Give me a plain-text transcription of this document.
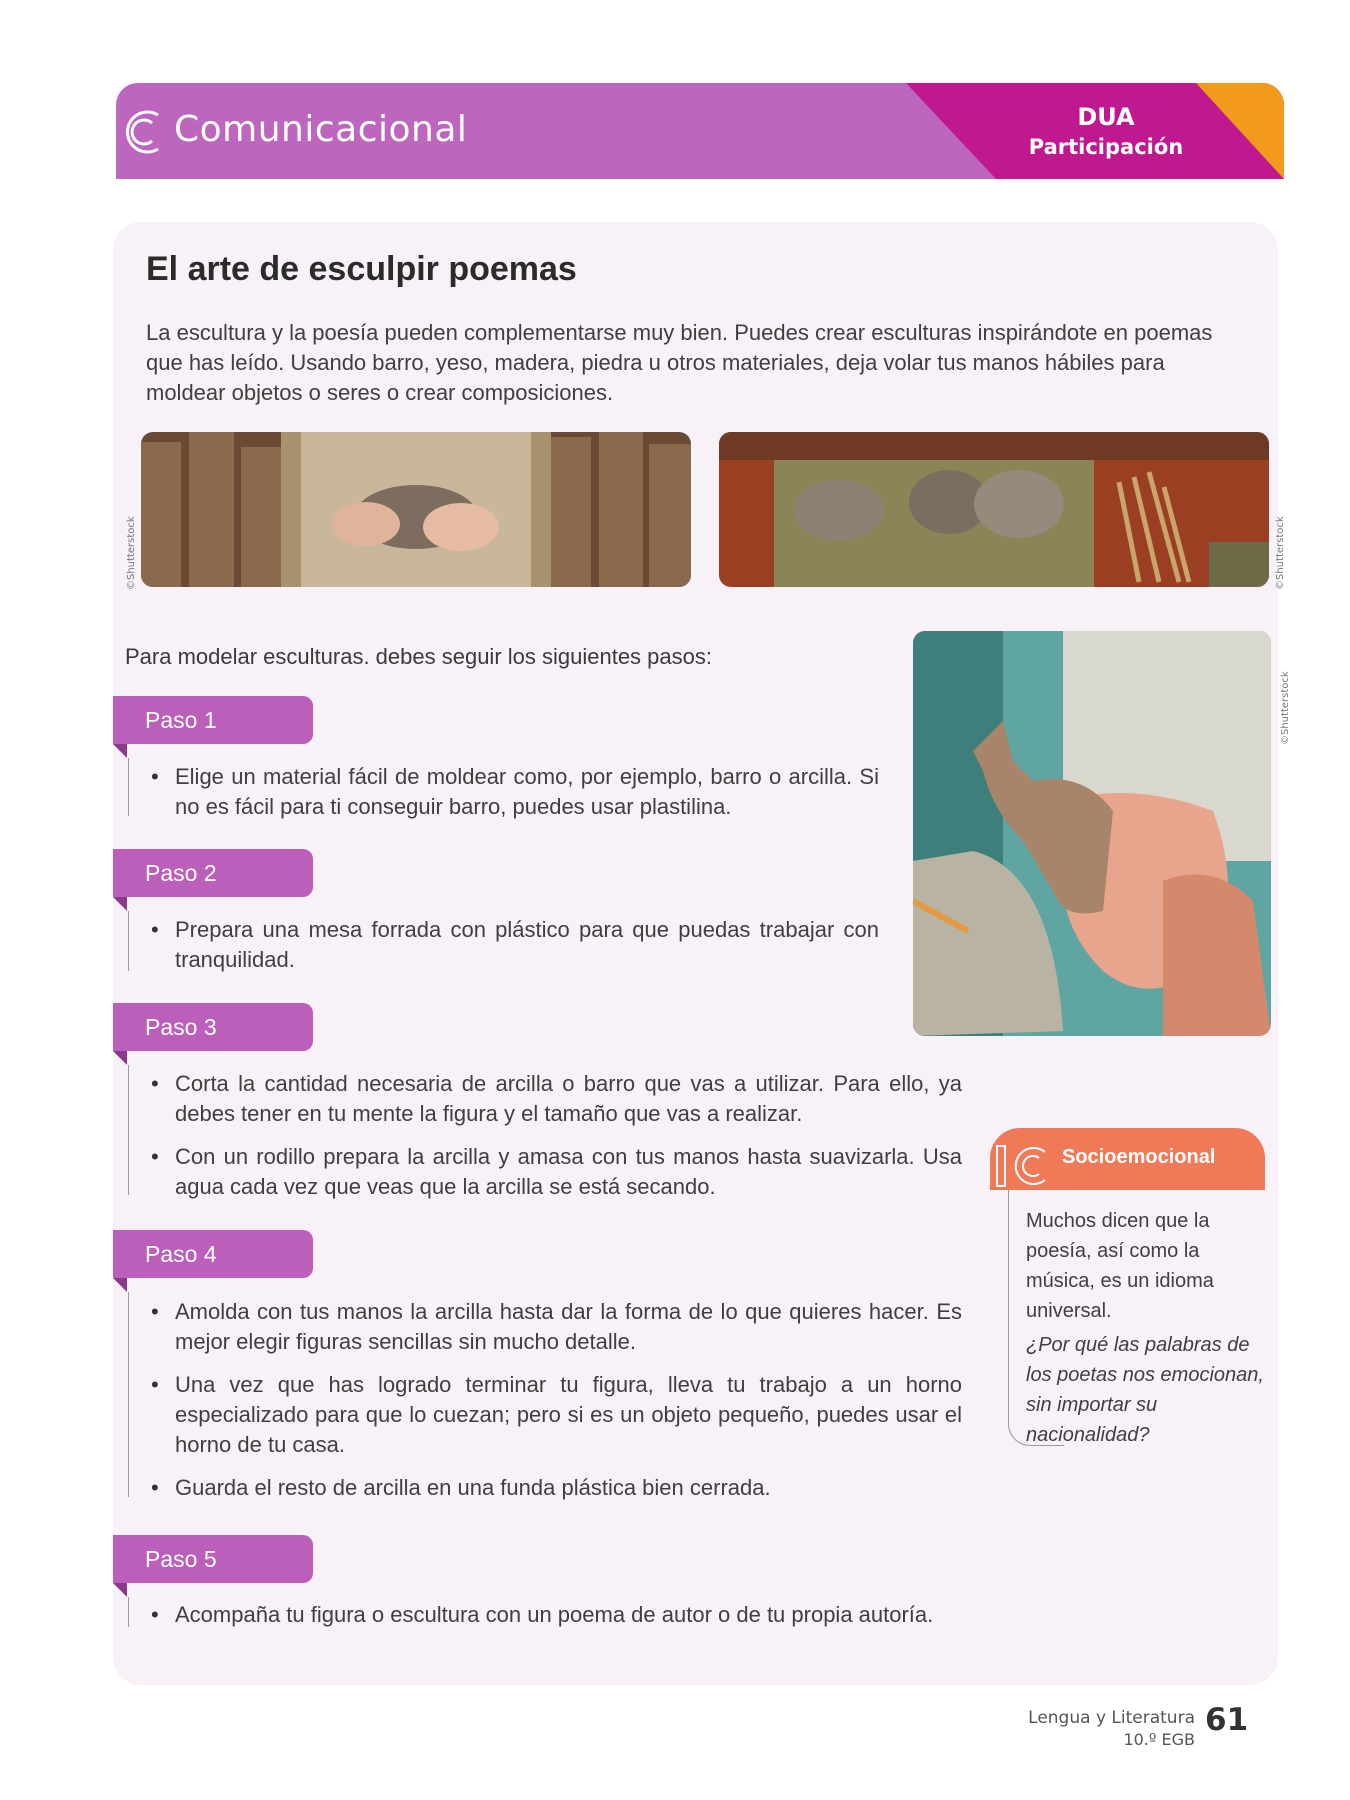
Comunicacional	DUA
Participación
El arte de esculpir poemas
La escultura y la poesía pueden complementarse muy bien. Puedes crear esculturas inspirándote en poemas que has leído. Usando barro, yeso, madera, piedra u otros materiales, deja volar tus manos hábiles para moldear objetos o seres o crear composiciones.
©Shutterstock	©Shutterstock
Para modelar esculturas. debes seguir los siguientes pasos:
©Shutterstock
Paso 1
• Elige un material fácil de moldear como, por ejemplo, barro o arcilla. Si no es fácil para ti conseguir barro, puedes usar plastilina.
Paso 2
• Prepara una mesa forrada con plástico para que puedas trabajar con tranquilidad.
Paso 3
• Corta la cantidad necesaria de arcilla o barro que vas a utilizar. Para ello, ya debes tener en tu mente la figura y el tamaño que vas a realizar.
• Con un rodillo prepara la arcilla y amasa con tus manos hasta suavizarla. Usa agua cada vez que veas que la arcilla se está secando.
Paso 4
• Amolda con tus manos la arcilla hasta dar la forma de lo que quieres hacer. Es mejor elegir figuras sencillas sin mucho detalle.
• Una vez que has logrado terminar tu figura, lleva tu trabajo a un horno especializado para que lo cuezan; pero si es un objeto pequeño, puedes usar el horno de tu casa.
• Guarda el resto de arcilla en una funda plástica bien cerrada.
Paso 5
• Acompaña tu figura o escultura con un poema de autor o de tu propia autoría.
Socioemocional
Muchos dicen que la poesía, así como la música, es un idioma universal.
¿Por qué las palabras de los poetas nos emocionan, sin importar su nacionalidad?
Lengua y Literatura
10.º EGB
61
